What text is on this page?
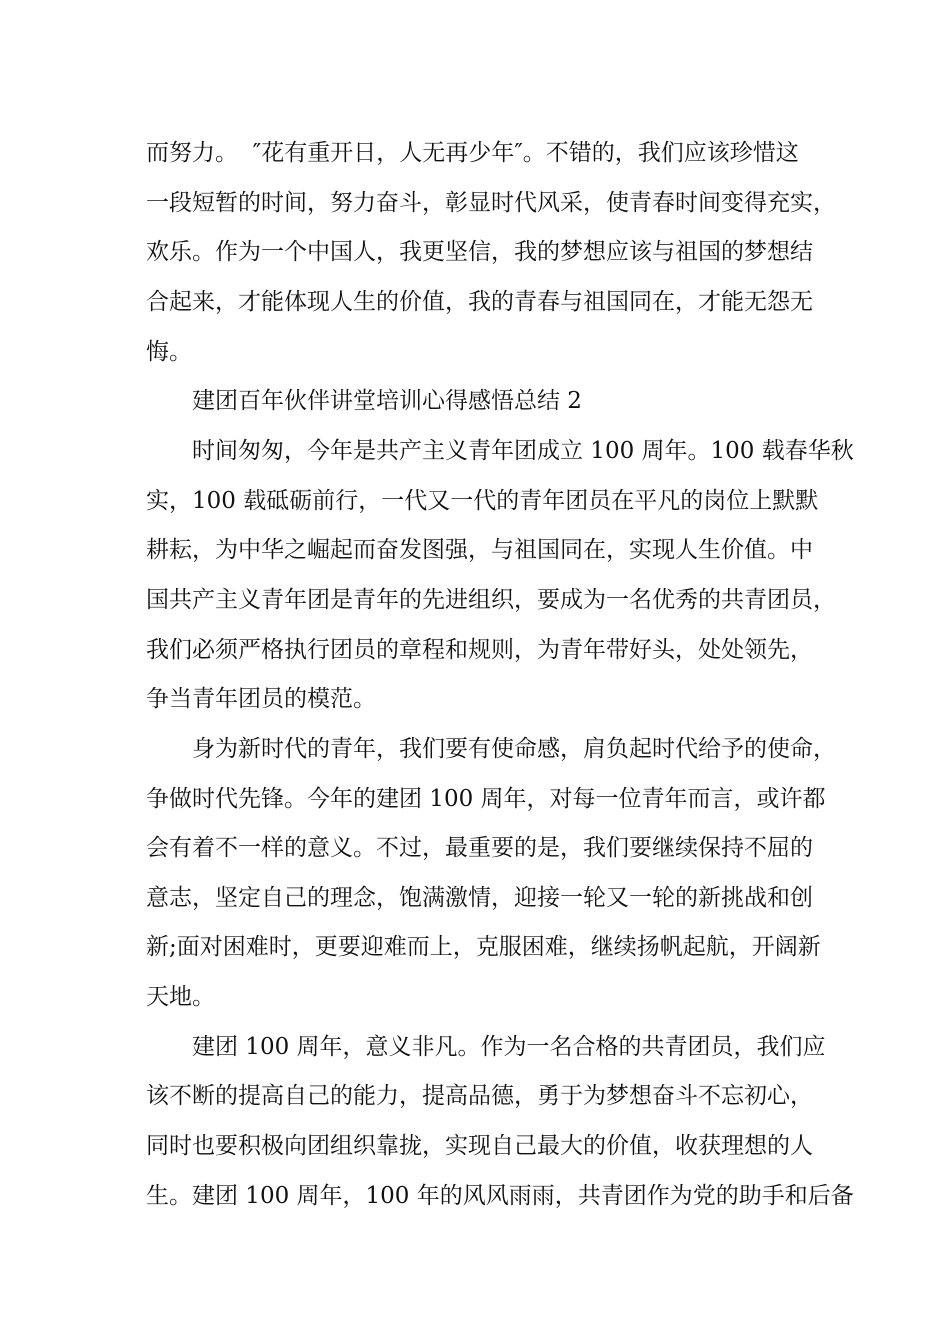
而努力。  ″花有重开日，人无再少年″。不错的，我们应该珍惜这
一段短暂的时间，努力奋斗，彰显时代风采，使青春时间变得充实，
欢乐。作为一个中国人，我更坚信，我的梦想应该与祖国的梦想结
合起来，才能体现人生的价值，我的青春与祖国同在，才能无怨无
悔。
建团百年伙伴讲堂培训心得感悟总结 2
时间匆匆，今年是共产主义青年团成立 100 周年。100 载春华秋
实，100 载砥砺前行，一代又一代的青年团员在平凡的岗位上默默
耕耘，为中华之崛起而奋发图强，与祖国同在，实现人生价值。中
国共产主义青年团是青年的先进组织，要成为一名优秀的共青团员，
我们必须严格执行团员的章程和规则，为青年带好头，处处领先，
争当青年团员的模范。
身为新时代的青年，我们要有使命感，肩负起时代给予的使命，
争做时代先锋。今年的建团 100 周年，对每一位青年而言，或许都
会有着不一样的意义。不过，最重要的是，我们要继续保持不屈的
意志，坚定自己的理念，饱满激情，迎接一轮又一轮的新挑战和创
新;面对困难时，更要迎难而上，克服困难，继续扬帆起航，开阔新
天地。
建团 100 周年，意义非凡。作为一名合格的共青团员，我们应
该不断的提高自己的能力，提高品德，勇于为梦想奋斗不忘初心，
同时也要积极向团组织靠拢，实现自己最大的价值，收获理想的人
生。建团 100 周年，100 年的风风雨雨，共青团作为党的助手和后备
